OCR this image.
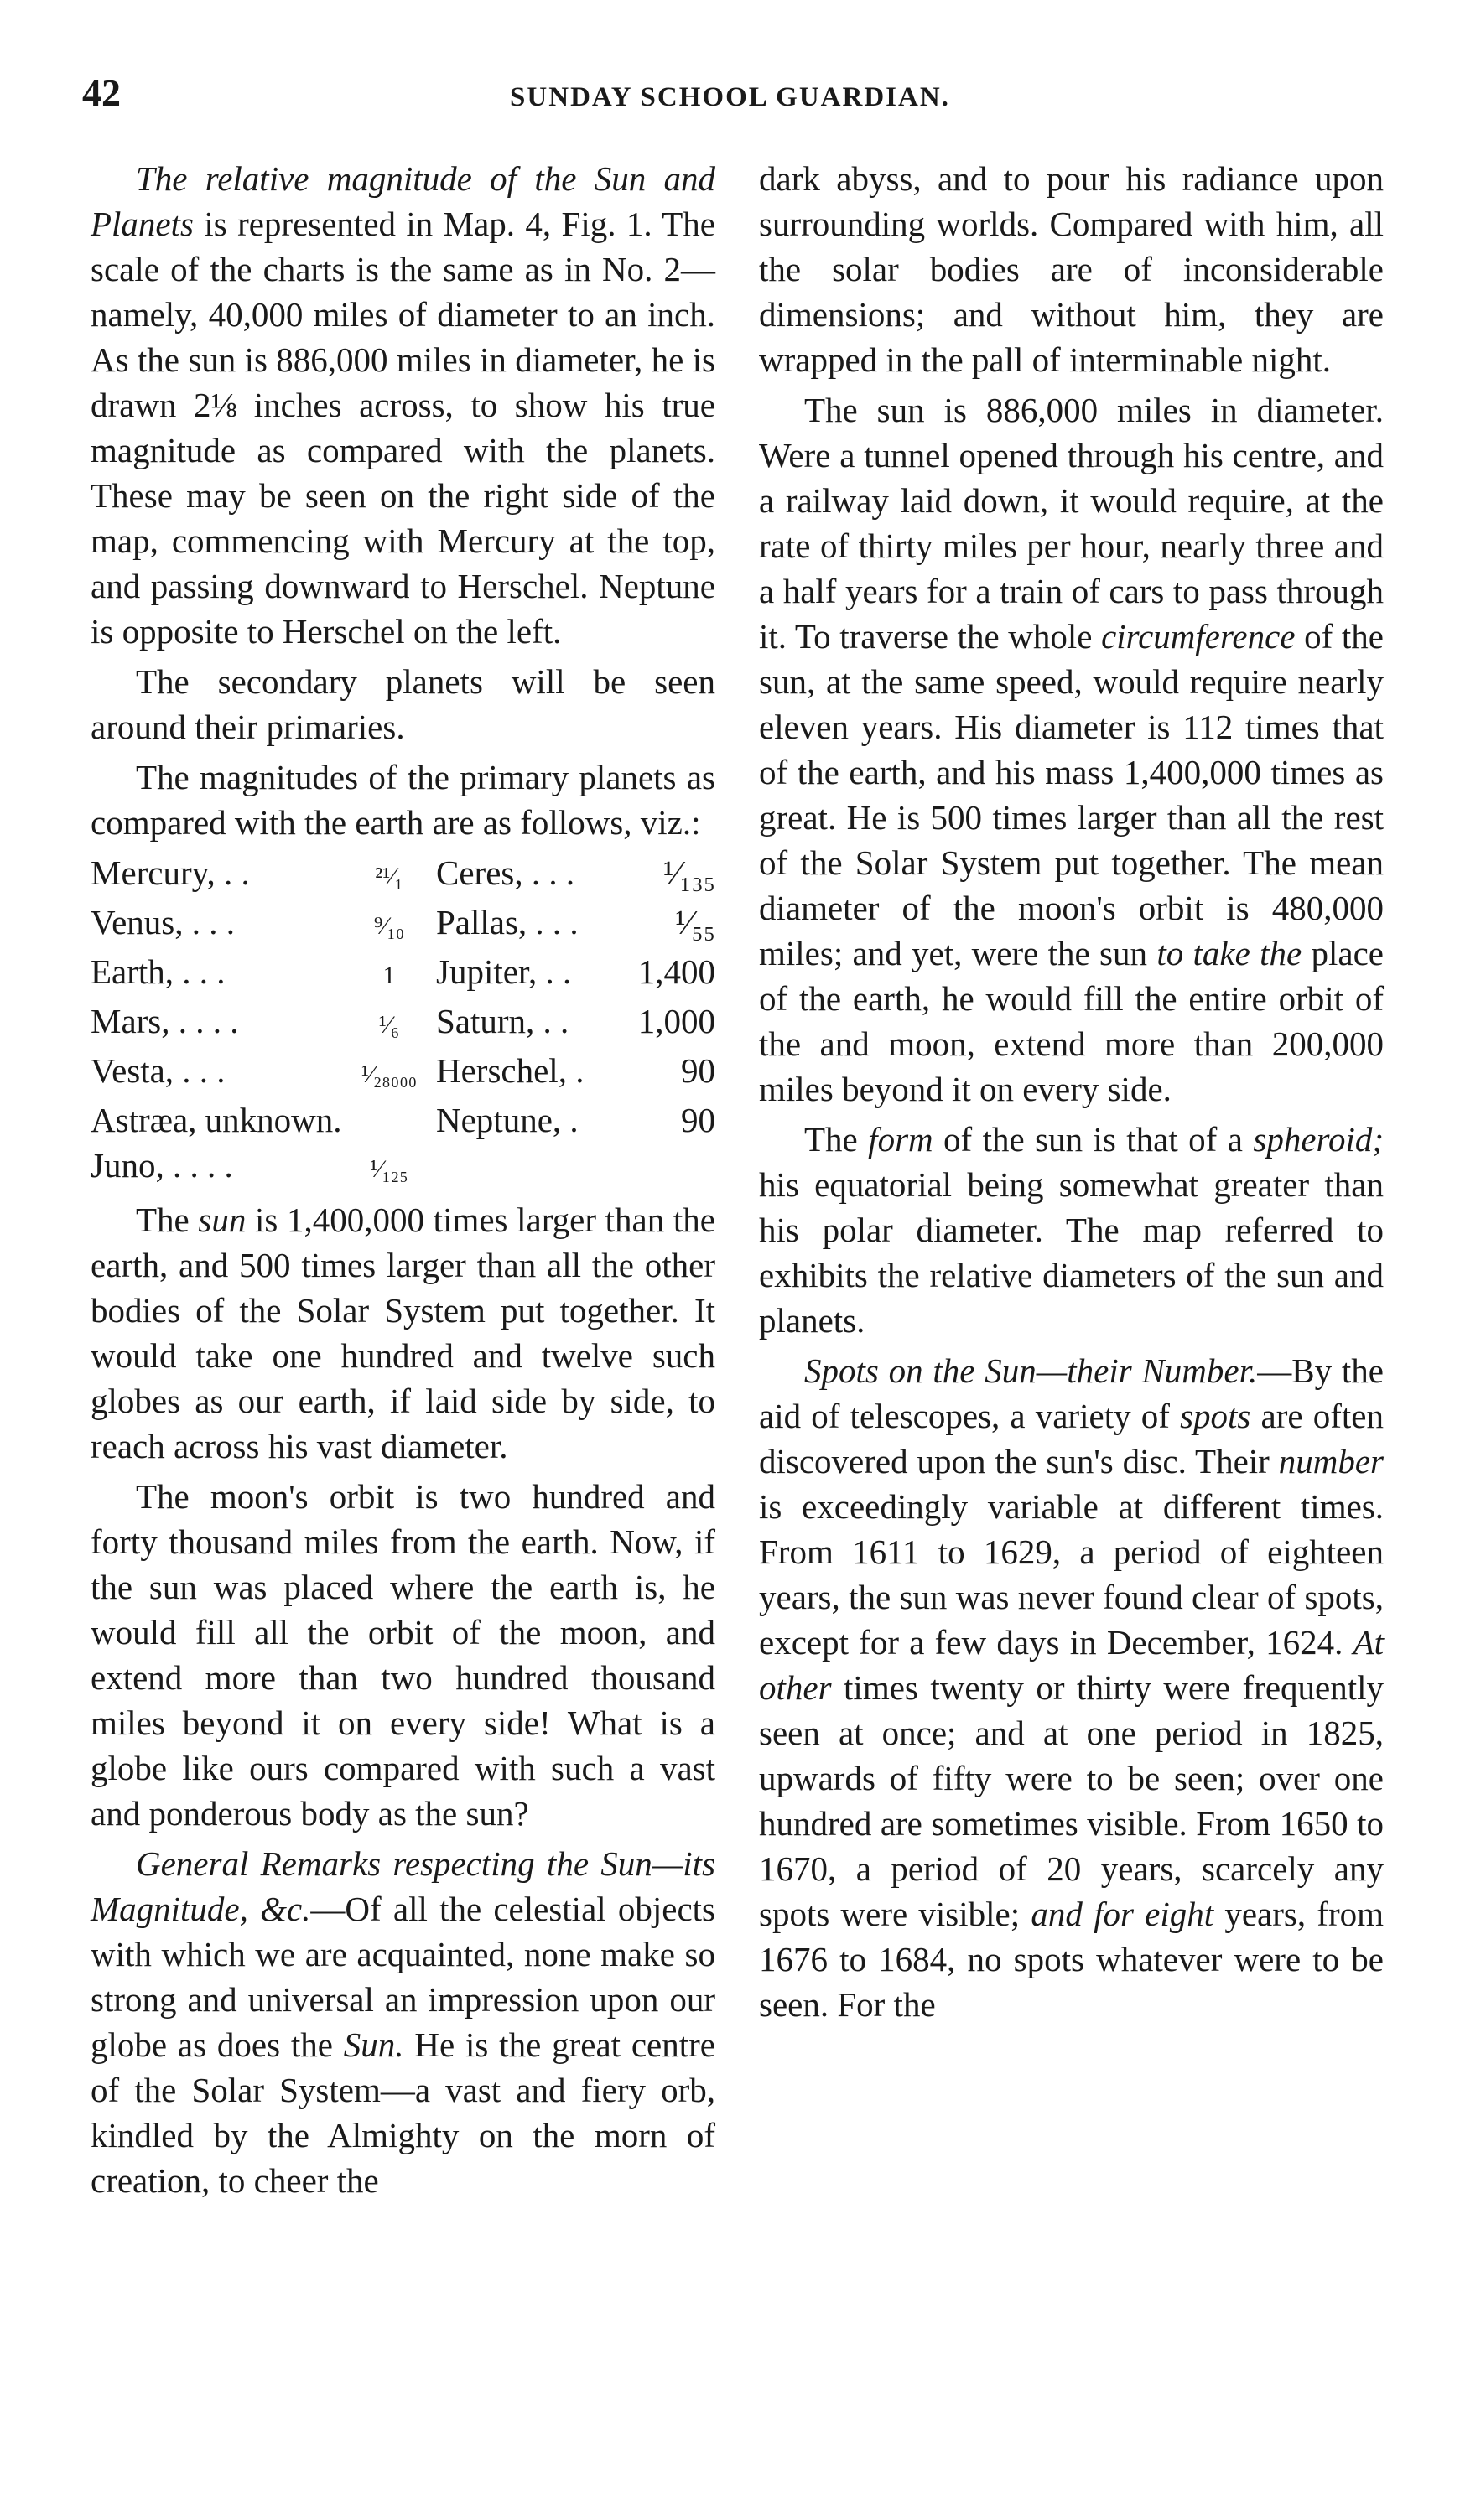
42	SUNDAY SCHOOL GUARDIAN.

The relative magnitude of the Sun and Planets is represented in Map. 4, Fig. 1. The scale of the charts is the same as in No. 2—namely, 40,000 miles of diameter to an inch. As the sun is 886,000 miles in diameter, he is drawn 2⅛ inches across, to show his true magnitude as compared with the planets. These may be seen on the right side of the map, commencing with Mercury at the top, and passing downward to Herschel. Neptune is opposite to Herschel on the left.

The secondary planets will be seen around their primaries.

The magnitudes of the primary planets as compared with the earth are as follows, viz.:

Mercury, . .	²¹⁄₁	Ceres, . . .	¹⁄₁₃₅
Venus, . . .	⁹⁄₁₀	Pallas, . . .	¹⁄₅₅
Earth, . . .	1	Jupiter, . .	1,400
Mars, . . . .	¹⁄₆	Saturn, . .	1,000
Vesta, . . .	¹⁄₂₈₀₀₀	Herschel, .	90
Astræa, unknown.		Neptune, .	90
Juno, . . . .	¹⁄₁₂₅		

The sun is 1,400,000 times larger than the earth, and 500 times larger than all the other bodies of the Solar System put together. It would take one hundred and twelve such globes as our earth, if laid side by side, to reach across his vast diameter.

The moon's orbit is two hundred and forty thousand miles from the earth. Now, if the sun was placed where the earth is, he would fill all the orbit of the moon, and extend more than two hundred thousand miles beyond it on every side! What is a globe like ours compared with such a vast and ponderous body as the sun?

General Remarks respecting the Sun—its Magnitude, &c.—Of all the celestial objects with which we are acquainted, none make so strong and universal an impression upon our globe as does the Sun. He is the great centre of the Solar System—a vast and fiery orb, kindled by the Almighty on the morn of creation, to cheer the

dark abyss, and to pour his radiance upon surrounding worlds. Compared with him, all the solar bodies are of inconsiderable dimensions; and without him, they are wrapped in the pall of interminable night.

The sun is 886,000 miles in diameter. Were a tunnel opened through his centre, and a railway laid down, it would require, at the rate of thirty miles per hour, nearly three and a half years for a train of cars to pass through it. To traverse the whole circumference of the sun, at the same speed, would require nearly eleven years. His diameter is 112 times that of the earth, and his mass 1,400,000 times as great. He is 500 times larger than all the rest of the Solar System put together. The mean diameter of the moon's orbit is 480,000 miles; and yet, were the sun to take the place of the earth, he would fill the entire orbit of the and moon, extend more than 200,000 miles beyond it on every side.

The form of the sun is that of a spheroid; his equatorial being somewhat greater than his polar diameter. The map referred to exhibits the relative diameters of the sun and planets.

Spots on the Sun—their Number.—By the aid of telescopes, a variety of spots are often discovered upon the sun's disc. Their number is exceedingly variable at different times. From 1611 to 1629, a period of eighteen years, the sun was never found clear of spots, except for a few days in December, 1624. At other times twenty or thirty were frequently seen at once; and at one period in 1825, upwards of fifty were to be seen; over one hundred are sometimes visible. From 1650 to 1670, a period of 20 years, scarcely any spots were visible; and for eight years, from 1676 to 1684, no spots whatever were to be seen. For the
